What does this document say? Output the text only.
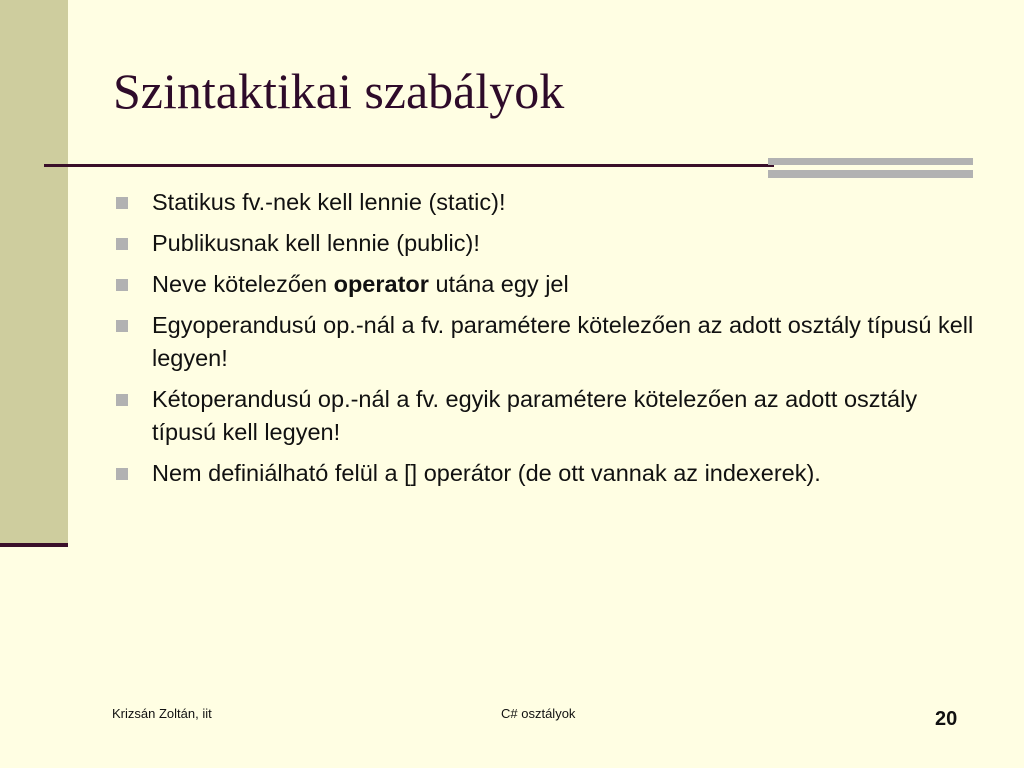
Szintaktikai szabályok
Statikus fv.-nek kell lennie (static)!
Publikusnak kell lennie (public)!
Neve kötelezően operator utána egy jel
Egyoperandusú op.-nál a fv. paramétere kötelezően az adott osztály típusú kell legyen!
Kétoperandusú op.-nál a fv. egyik paramétere kötelezően az adott osztály típusú kell legyen!
Nem definiálható felül a [] operátor (de ott vannak az indexerek).
Krizsán Zoltán, iit	C# osztályok	20
